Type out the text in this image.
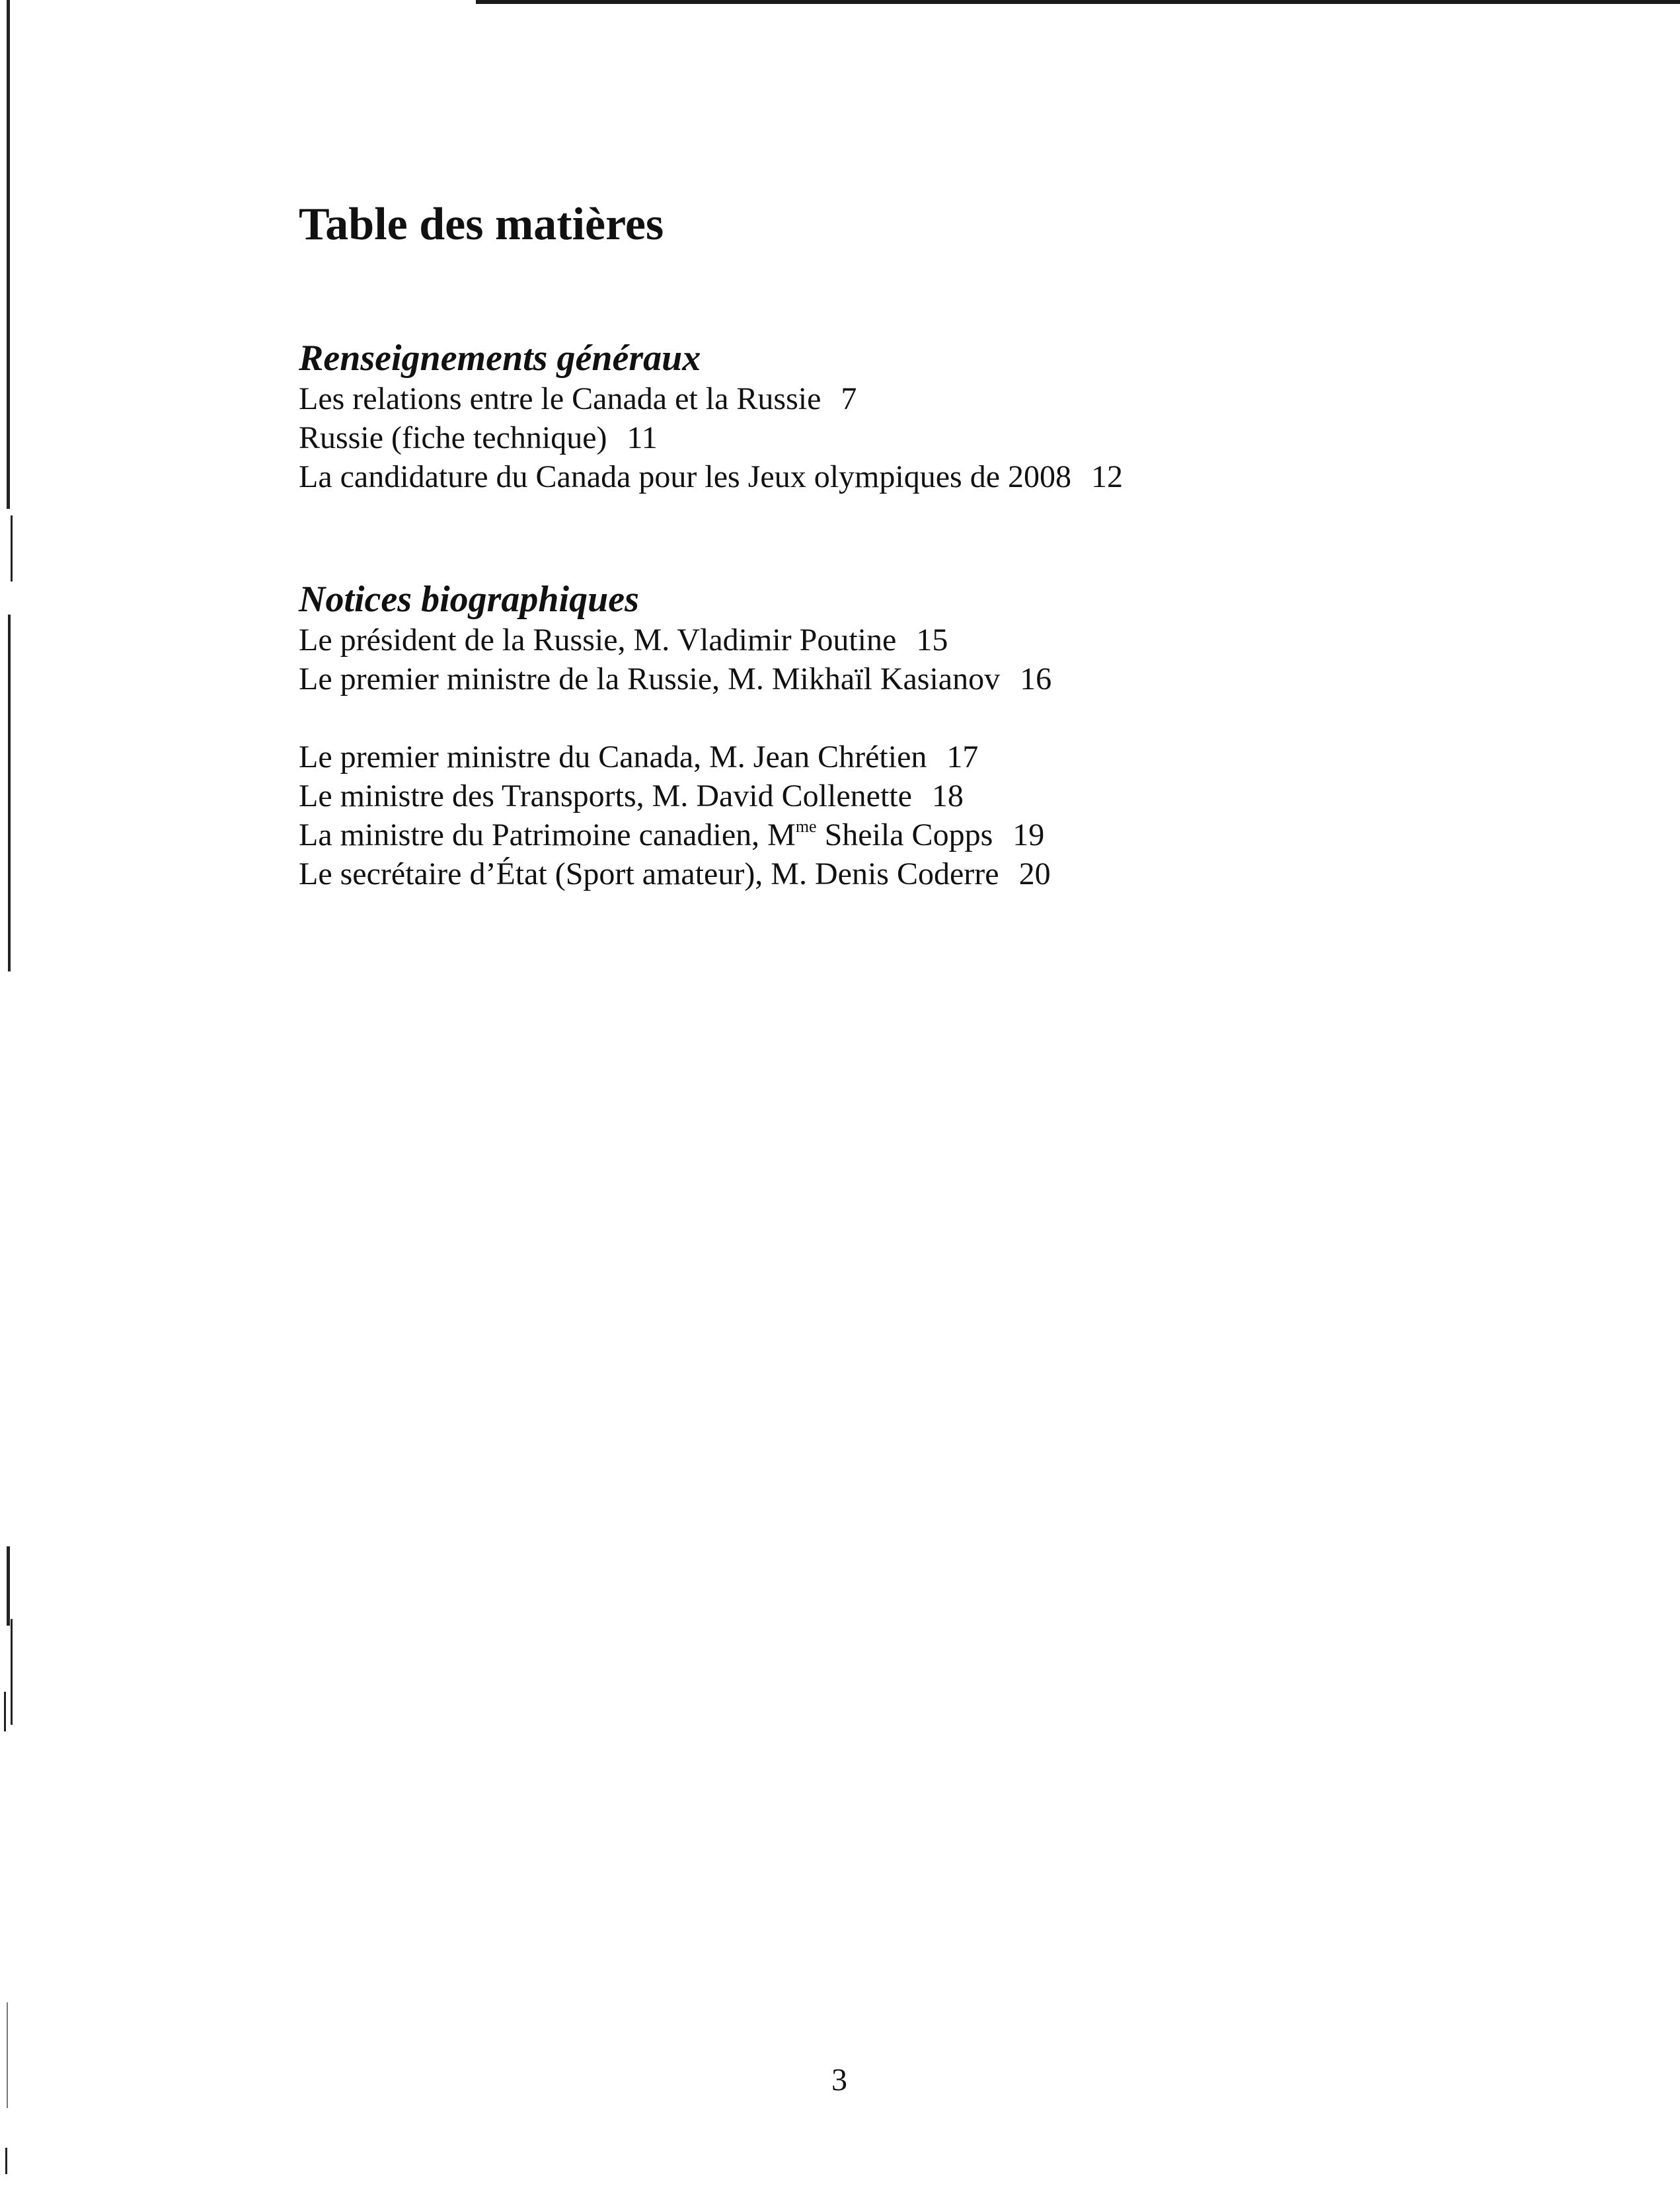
Table des matières
Renseignements généraux
Les relations entre le Canada et la Russie 7
Russie (fiche technique) 11
La candidature du Canada pour les Jeux olympiques de 2008 12
Notices biographiques
Le président de la Russie, M. Vladimir Poutine 15
Le premier ministre de la Russie, M. Mikhaïl Kasianov 16
Le premier ministre du Canada, M. Jean Chrétien 17
Le ministre des Transports, M. David Collenette 18
La ministre du Patrimoine canadien, $M^{me}$ Sheila Copps 19
Le secrétaire d’État (Sport amateur), M. Denis Coderre 20
3
